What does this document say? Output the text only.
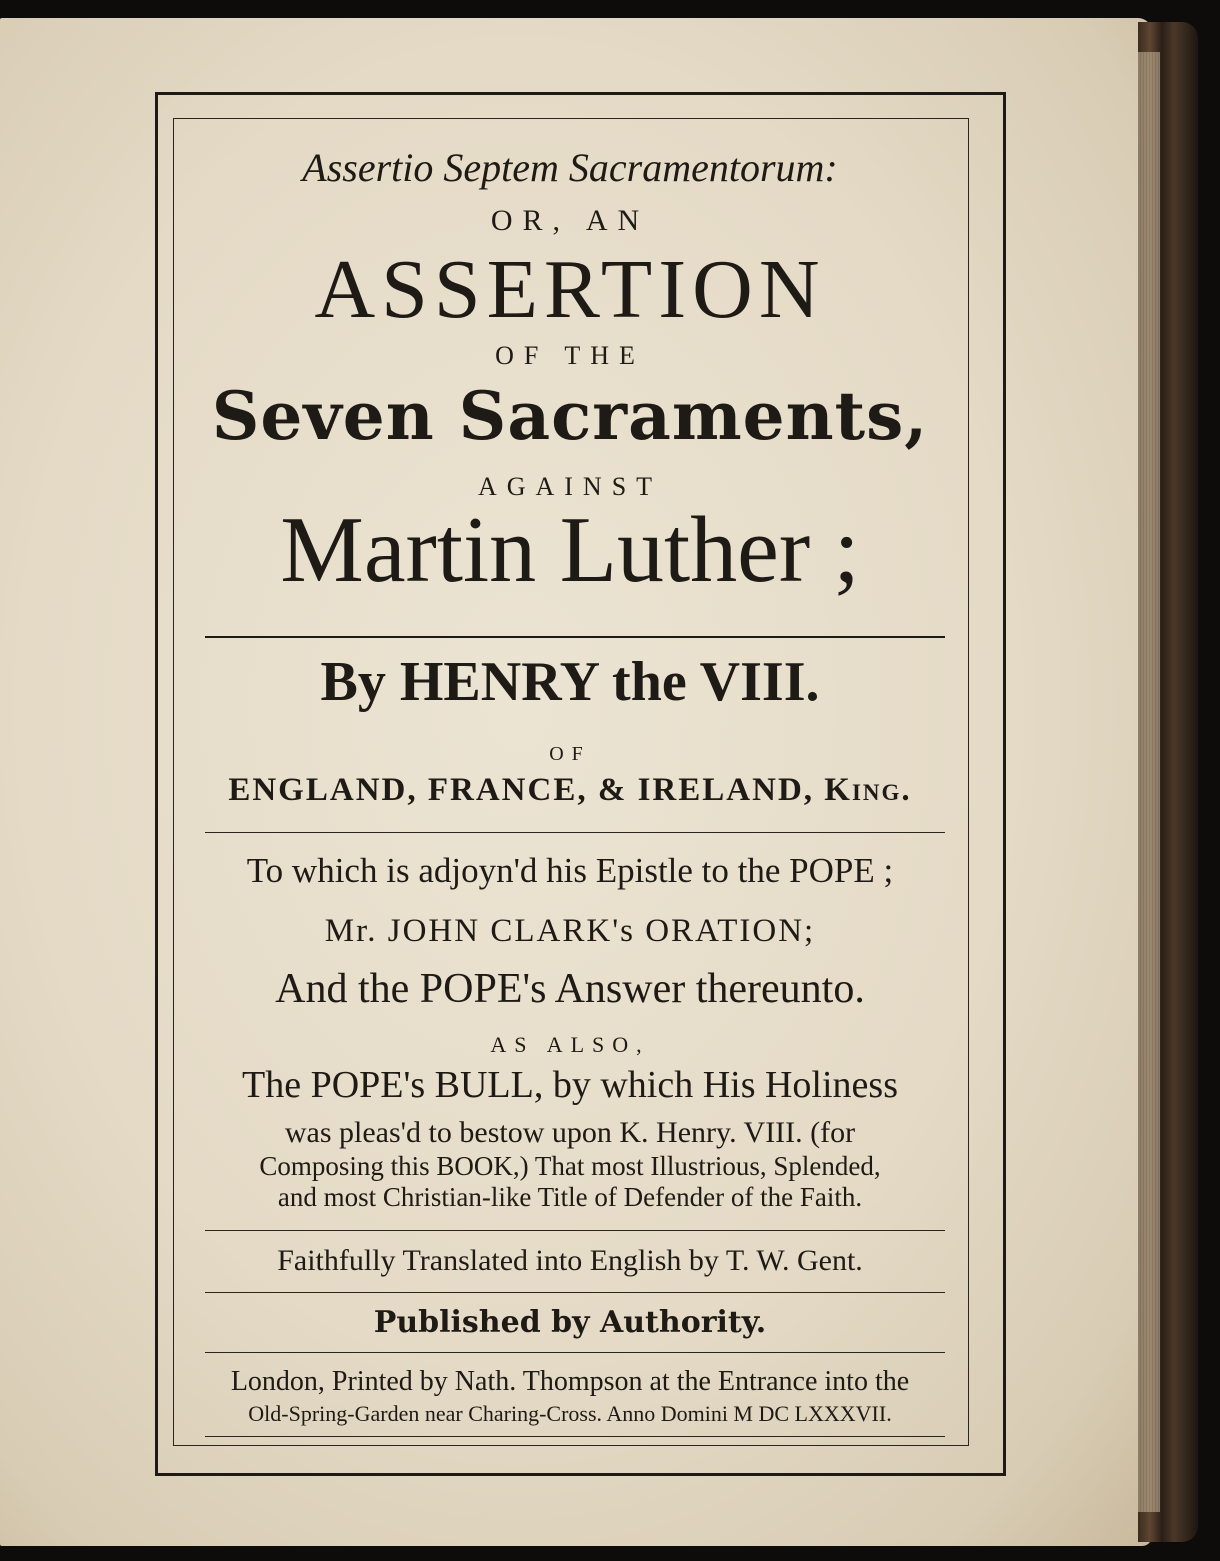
Assertio Septem Sacramentorum:
OR, AN
ASSERTION
OF THE
Seven Sacraments,
AGAINST
Martin Luther ;
By HENRY the VIII.
OF
ENGLAND, FRANCE, & IRELAND, King.
To which is adjoyn'd his Epistle to the POPE ;
Mr. JOHN CLARK's ORATION;
And the POPE's Answer thereunto.
AS ALSO,
The POPE's BULL, by which His Holiness
was pleas'd to bestow upon K. Henry. VIII. (for
Composing this BOOK,) That most Illustrious, Splended,
and most Christian-like Title of Defender of the Faith.
Faithfully Translated into English by T. W. Gent.
Published by Authority.
London, Printed by Nath. Thompson at the Entrance into the
Old-Spring-Garden near Charing-Cross. Anno Domini M DC LXXXVII.
